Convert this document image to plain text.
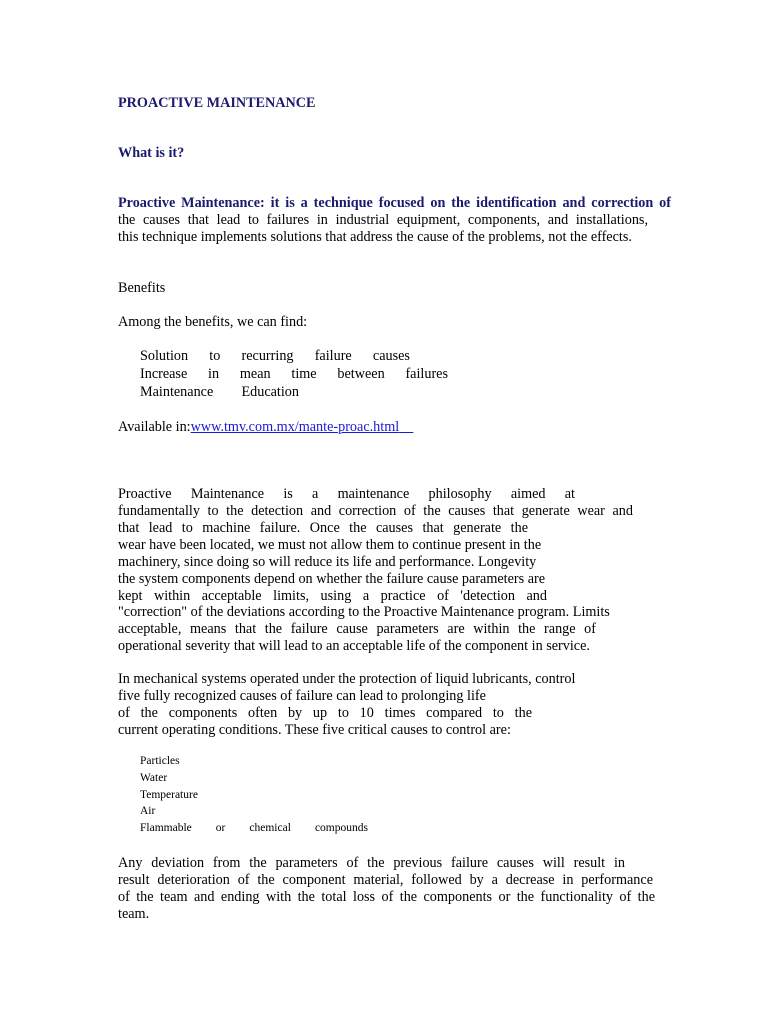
PROACTIVE MAINTENANCE
What is it?
Proactive Maintenance: it is a technique focused on the identification and correction of
the causes that lead to failures in industrial equipment, components, and installations,
this technique implements solutions that address the cause of the problems, not the effects.
Benefits
Among the benefits, we can find:
Solution to recurring failure causes
Increase in mean time between failures
Maintenance Education
Available in:www.tmv.com.mx/mante-proac.html
Proactive Maintenance is a maintenance philosophy aimed at
fundamentally to the detection and correction of the causes that generate wear and
that lead to machine failure. Once the causes that generate the
wear have been located, we must not allow them to continue present in the
machinery, since doing so will reduce its life and performance. Longevity
the system components depend on whether the failure cause parameters are
kept within acceptable limits, using a practice of 'detection and
"correction" of the deviations according to the Proactive Maintenance program. Limits
acceptable, means that the failure cause parameters are within the range of
operational severity that will lead to an acceptable life of the component in service.
In mechanical systems operated under the protection of liquid lubricants, control
five fully recognized causes of failure can lead to prolonging life
of the components often by up to 10 times compared to the
current operating conditions. These five critical causes to control are:
Particles
Water
Temperature
Air
Flammable or chemical compounds
Any deviation from the parameters of the previous failure causes will result in
result deterioration of the component material, followed by a decrease in performance
of the team and ending with the total loss of the components or the functionality of the
team.
